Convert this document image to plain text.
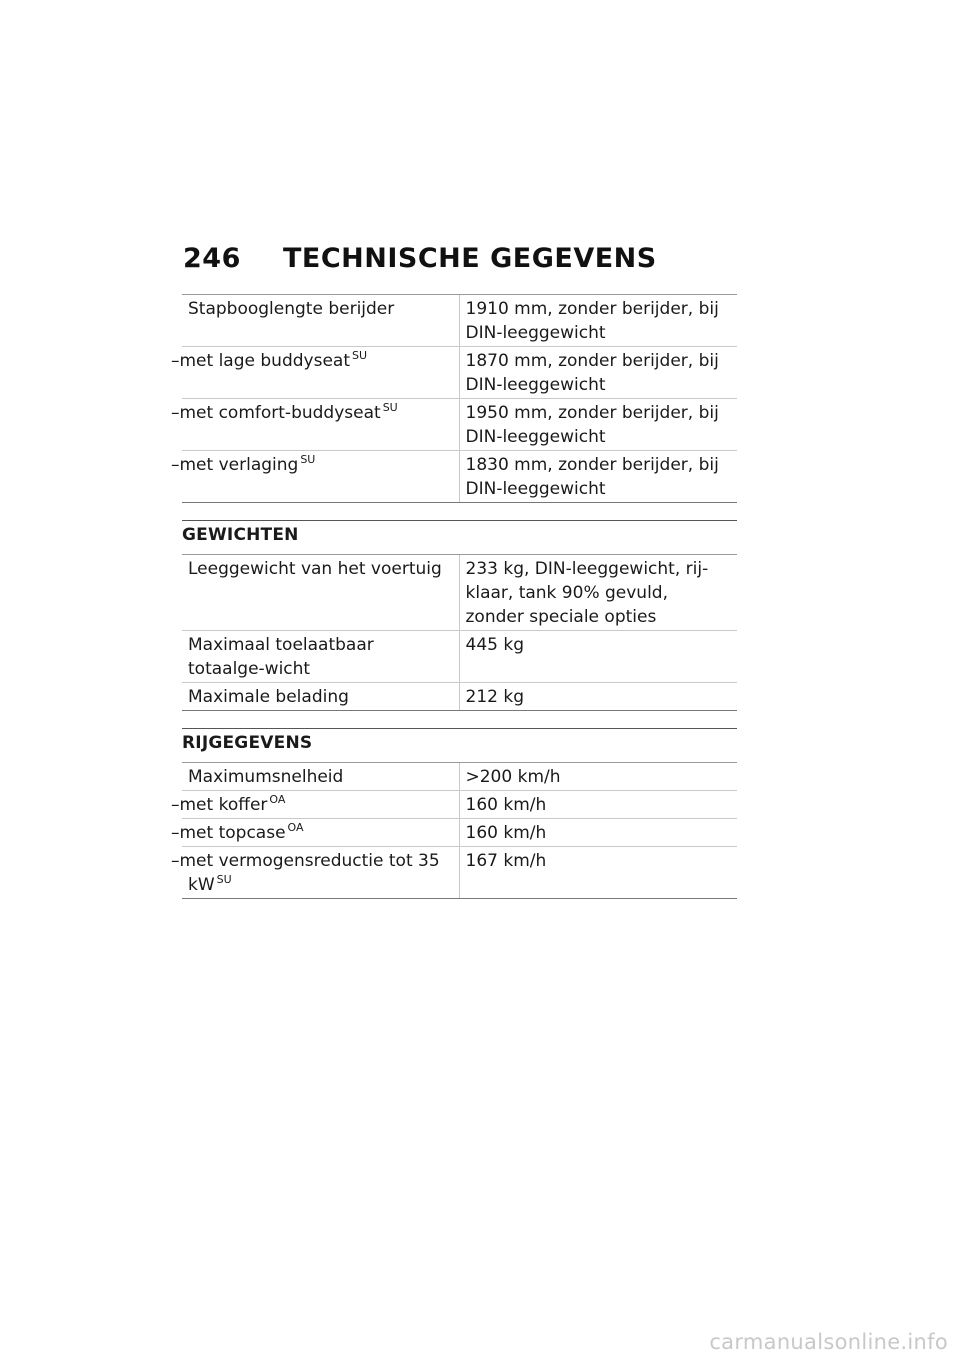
246 TECHNISCHE GEGEVENS
Stapbooglengte berijder	1910 mm, zonder berijder, bij DIN-leeggewicht
–met lage buddyseat $^{SU}$	1870 mm, zonder berijder, bij DIN-leeggewicht
–met comfort-buddyseat $^{SU}$	1950 mm, zonder berijder, bij DIN-leeggewicht
–met verlaging $^{SU}$	1830 mm, zonder berijder, bij DIN-leeggewicht
GEWICHTEN
Leeggewicht van het voertuig	233 kg, DIN-leeggewicht, rij-klaar, tank 90% gevuld, zonder speciale opties
Maximaal toelaatbaar totaalge-wicht	445 kg
Maximale belading	212 kg
RIJGEGEVENS
Maximumsnelheid	>200 km/h
–met koffer $^{OA}$	160 km/h
–met topcase $^{OA}$	160 km/h
–met vermogensreductie tot 35 kW $^{SU}$	167 km/h
carmanualsonline.info
